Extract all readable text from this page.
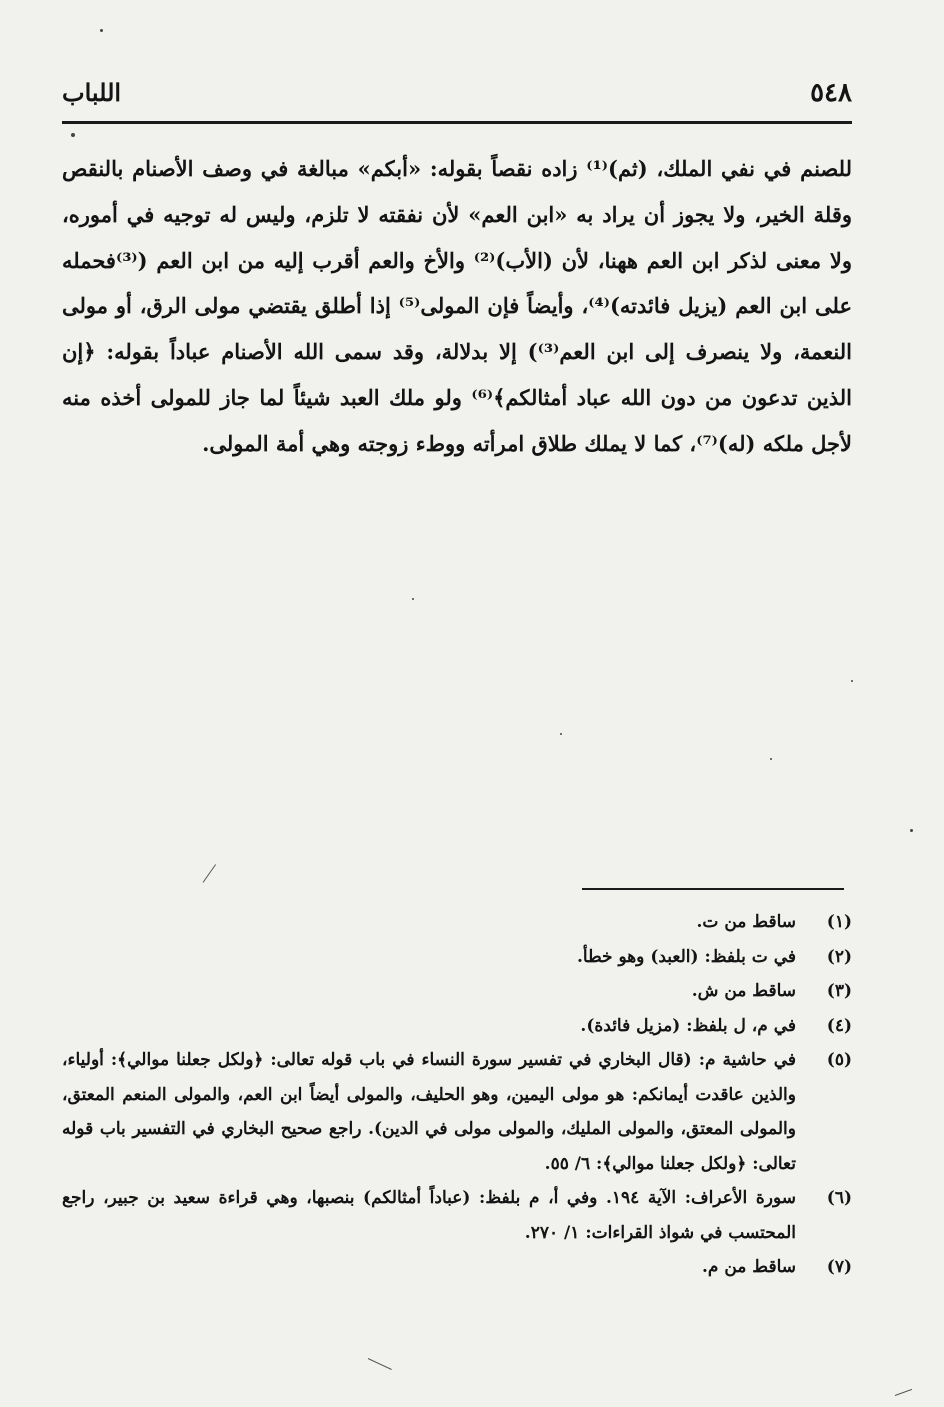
٥٤٨
اللباب

للصنم في نفي الملك، (ثم)⁽¹⁾ زاده نقصاً بقوله: «أبكم» مبالغة في وصف الأصنام بالنقص وقلة الخير، ولا يجوز أن يراد به «ابن العم» لأن نفقته لا تلزم، وليس له توجيه في أموره، ولا معنى لذكر ابن العم ههنا، لأن (الأب)⁽²⁾ والأخ والعم أقرب إليه من ابن العم (⁽³⁾فحمله على ابن العم (يزيل فائدته)⁽⁴⁾، وأيضاً فإن المولى⁽⁵⁾ إذا أطلق يقتضي مولى الرق، أو مولى النعمة، ولا ينصرف إلى ابن العم⁽³⁾) إلا بدلالة، وقد سمى الله الأصنام عباداً بقوله: ﴿إن الذين تدعون من دون الله عباد أمثالكم﴾⁽⁶⁾ ولو ملك العبد شيئاً لما جاز للمولى أخذه منه لأجل ملكه (له)⁽⁷⁾، كما لا يملك طلاق امرأته ووطء زوجته وهي أمة المولى.

(١)
ساقط من ت.
(٢)
في ت بلفظ: (العبد) وهو خطأ.
(٣)
ساقط من ش.
(٤)
في م، ل بلفظ: (مزيل فائدة).
(٥)
في حاشية م: (قال البخاري في تفسير سورة النساء في باب قوله تعالى: ﴿ولكل جعلنا موالي﴾: أولياء، والذين عاقدت أيمانكم: هو مولى اليمين، وهو الحليف، والمولى أيضاً ابن العم، والمولى المنعم المعتق، والمولى المعتق، والمولى المليك، والمولى مولى في الدين). راجع صحيح البخاري في التفسير باب قوله تعالى: ﴿ولكل جعلنا موالي﴾: ٦/ ٥٥.
(٦)
سورة الأعراف: الآية ١٩٤. وفي أ، م بلفظ: (عباداً أمثالكم) بنصبها، وهي قراءة سعيد بن جبير، راجع المحتسب في شواذ القراءات: ١/ ٢٧٠.
(٧)
ساقط من م.
